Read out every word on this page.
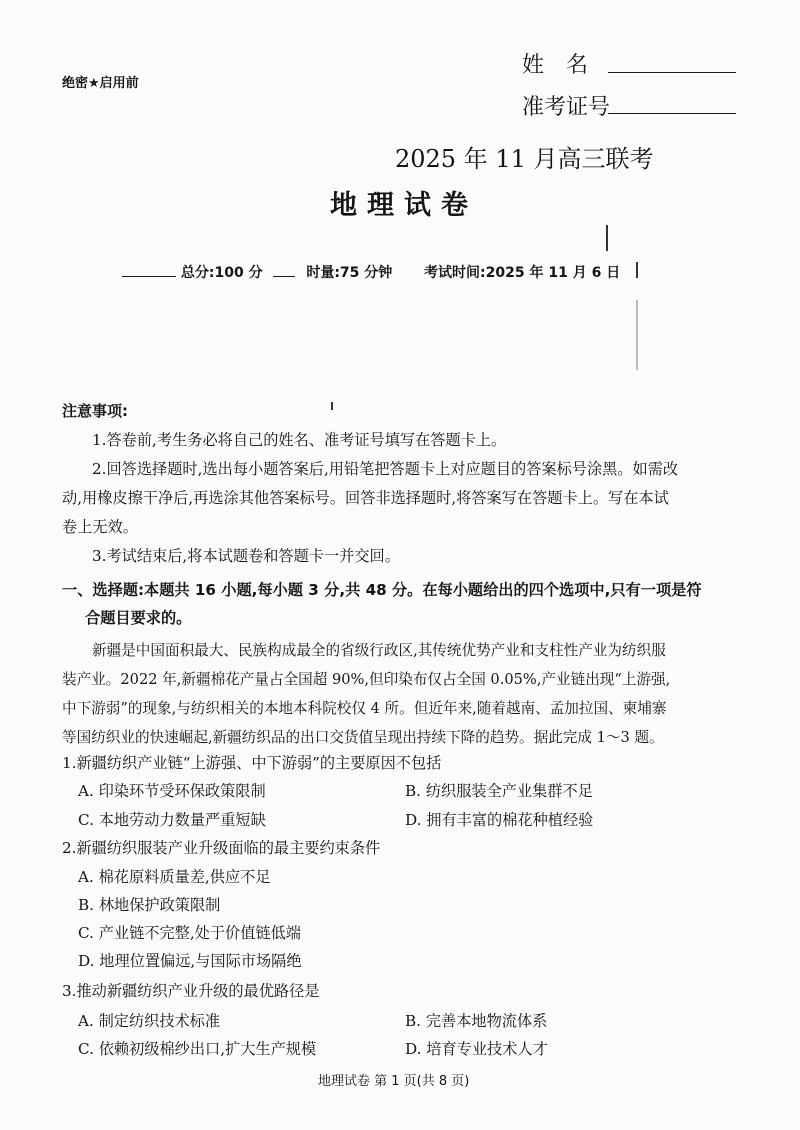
绝密★启用前
姓　名
准考证号
2025 年 11 月高三联考
地理试卷
总分:100 分	时量:75 分钟 考试时间:2025 年 11 月 6 日
注意事项:
1.答卷前,考生务必将自己的姓名、准考证号填写在答题卡上。
2.回答选择题时,选出每小题答案后,用铅笔把答题卡上对应题目的答案标号涂黑。如需改
动,用橡皮擦干净后,再选涂其他答案标号。回答非选择题时,将答案写在答题卡上。写在本试
卷上无效。
3.考试结束后,将本试题卷和答题卡一并交回。
一、选择题:本题共 16 小题,每小题 3 分,共 48 分。在每小题给出的四个选项中,只有一项是符
合题目要求的。
新疆是中国面积最大、民族构成最全的省级行政区,其传统优势产业和支柱性产业为纺织服
装产业。2022 年,新疆棉花产量占全国超 90%,但印染布仅占全国 0.05%,产业链出现“上游强,
中下游弱”的现象,与纺织相关的本地本科院校仅 4 所。但近年来,随着越南、孟加拉国、柬埔寨
等国纺织业的快速崛起,新疆纺织品的出口交货值呈现出持续下降的趋势。据此完成 1～3 题。
1.新疆纺织产业链“上游强、中下游弱”的主要原因不包括
A. 印染环节受环保政策限制	B. 纺织服装全产业集群不足
C. 本地劳动力数量严重短缺	D. 拥有丰富的棉花种植经验
2.新疆纺织服装产业升级面临的最主要约束条件
A. 棉花原料质量差,供应不足
B. 林地保护政策限制
C. 产业链不完整,处于价值链低端
D. 地理位置偏远,与国际市场隔绝
3.推动新疆纺织产业升级的最优路径是
A. 制定纺织技术标准	B. 完善本地物流体系
C. 依赖初级棉纱出口,扩大生产规模	D. 培育专业技术人才
地理试卷 第 1 页(共 8 页)
